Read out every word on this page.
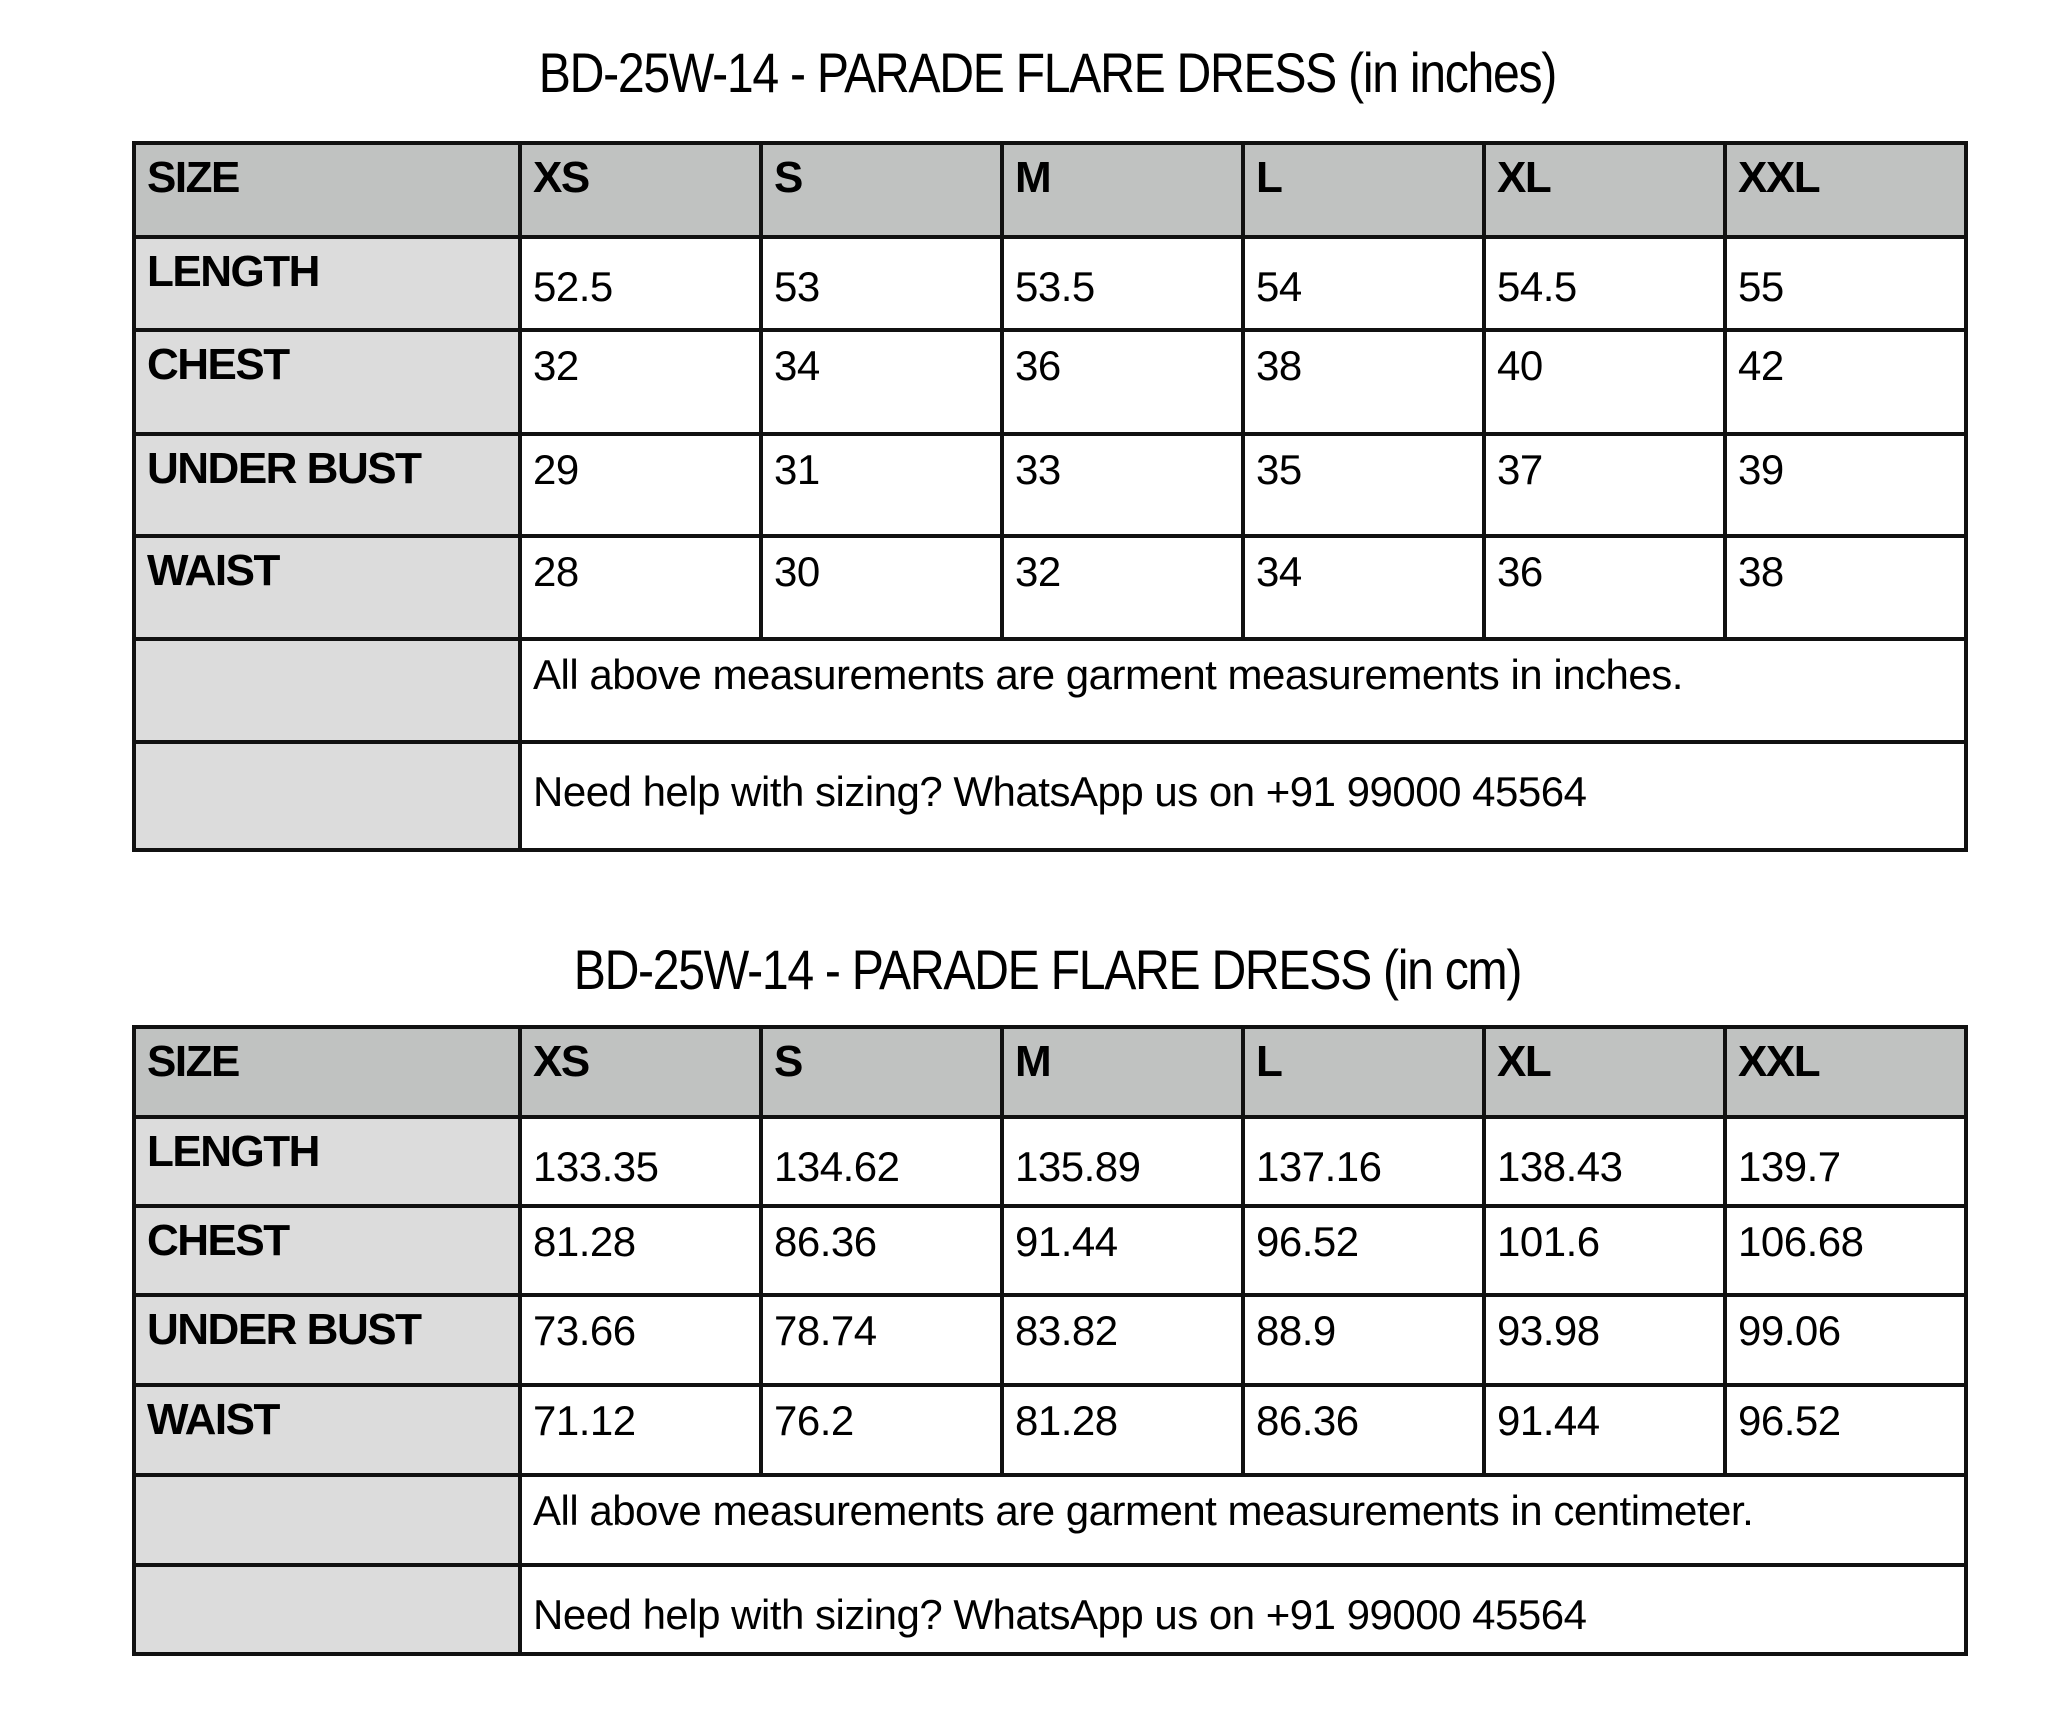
BD-25W-14 - PARADE FLARE DRESS (in inches)
SIZE	XS	S	M	L	XL	XXL

LENGTH	52.5	53	53.5	54	54.5	55

CHEST	32	34	36	38	40	42

UNDER BUST	29	31	33	35	37	39

WAIST	28	30	32	34	36	38

	All above measurements are garment measurements in inches.					

	Need help with sizing? WhatsApp us on +91 99000 45564					
BD-25W-14 - PARADE FLARE DRESS (in cm)
SIZE	XS	S	M	L	XL	XXL

LENGTH	133.35	134.62	135.89	137.16	138.43	139.7

CHEST	81.28	86.36	91.44	96.52	101.6	106.68

UNDER BUST	73.66	78.74	83.82	88.9	93.98	99.06

WAIST	71.12	76.2	81.28	86.36	91.44	96.52

	All above measurements are garment measurements in centimeter.					

	Need help with sizing? WhatsApp us on +91 99000 45564					
